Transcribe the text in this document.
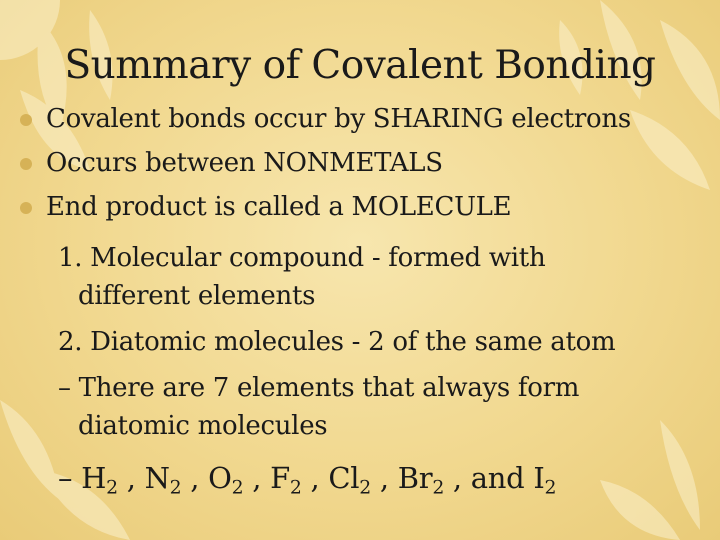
Summary of Covalent Bonding
Covalent bonds occur by SHARING electrons
Occurs between NONMETALS
End product is called a MOLECULE
1. Molecular compound - formed with
different elements
2. Diatomic molecules - 2 of the same atom
– There are 7 elements that always form
diatomic molecules
– $H_2$ , $N_2$ , $O_2$ , $F_2$ , $Cl_2$ , $Br_2$ , and $I_2$
